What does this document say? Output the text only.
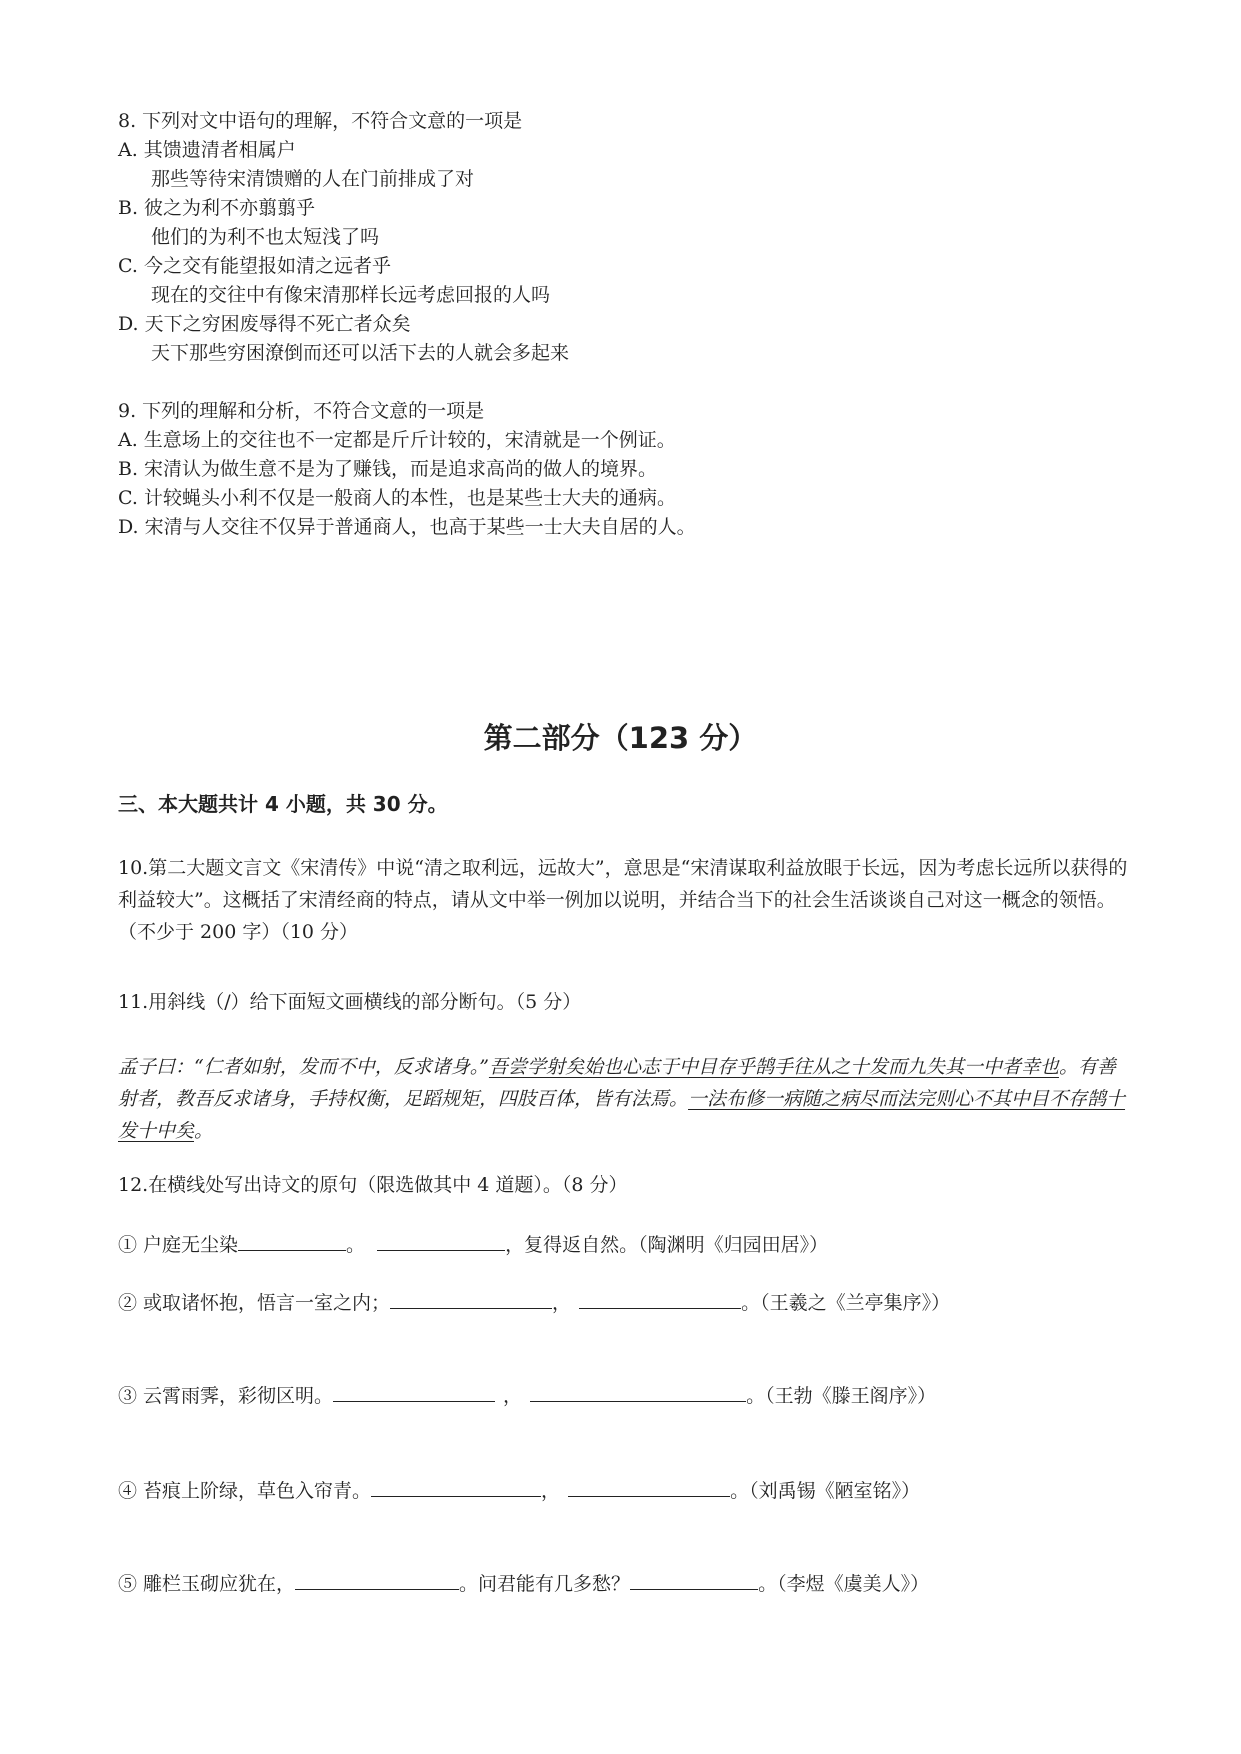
8. 下列对文中语句的理解，不符合文意的一项是
A. 其馈遗清者相属户
那些等待宋清馈赠的人在门前排成了对
B. 彼之为利不亦翦翦乎
他们的为利不也太短浅了吗
C. 今之交有能望报如清之远者乎
现在的交往中有像宋清那样长远考虑回报的人吗
D. 天下之穷困废辱得不死亡者众矣
天下那些穷困潦倒而还可以活下去的人就会多起来
9. 下列的理解和分析，不符合文意的一项是
A. 生意场上的交往也不一定都是斤斤计较的，宋清就是一个例证。
B. 宋清认为做生意不是为了赚钱，而是追求高尚的做人的境界。
C. 计较蝇头小利不仅是一般商人的本性，也是某些士大夫的通病。
D. 宋清与人交往不仅异于普通商人，也高于某些一士大夫自居的人。
第二部分（123 分）
三、本大题共计 4 小题，共 30 分。
10.第二大题文言文《宋清传》中说“清之取利远，远故大”，意思是“宋清谋取利益放眼于长远，因为考虑长远所以获得的利益较大”。这概括了宋清经商的特点，请从文中举一例加以说明，并结合当下的社会生活谈谈自己对这一概念的领悟。（不少于 200 字）（10 分）
11.用斜线（/）给下面短文画横线的部分断句。（5 分）
孟子曰：“仁者如射，发而不中，反求诸身。”吾尝学射矣始也心志于中目存乎鹄手往从之十发而九失其一中者幸也。有善射者，教吾反求诸身，手持权衡，足蹈规矩，四肢百体，皆有法焉。一法布修一病随之病尽而法完则心不其中目不存鹄十发十中矣。
12.在横线处写出诗文的原句（限选做其中 4 道题）。（8 分）
① 户庭无尘染	。	，复得返自然。（陶渊明《归园田居》）
② 或取诸怀抱，悟言一室之内；	，	。（王羲之《兰亭集序》）
③ 云霄雨霁，彩彻区明。	，	。（王勃《滕王阁序》）
④ 苔痕上阶绿，草色入帘青。	，	。（刘禹锡《陋室铭》）
⑤ 雕栏玉砌应犹在，	。问君能有几多愁？	。（李煜《虞美人》）
